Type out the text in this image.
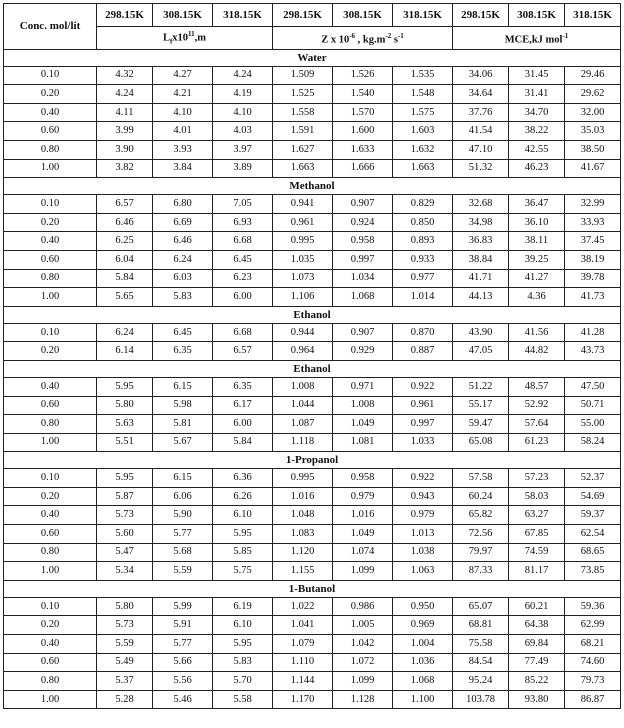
Conc. mol/lit	298.15K	308.15K	318.15K	298.15K	308.15K	318.15K	298.15K	308.15K	318.15K
	$L_fx10^{11},m$			Z x $10^{-6}$ , $kg.m^{-2}$ $s^{-1}$			MCE,kJ mol$^{-1}$
Water									
0.10	4.32	4.27	4.24	1.509	1.526	1.535	34.06	31.45	29.46
0.20	4.24	4.21	4.19	1.525	1.540	1.548	34.64	31.41	29.62
0.40	4.11	4.10	4.10	1.558	1.570	1.575	37.76	34.70	32.00
0.60	3.99	4.01	4.03	1.591	1.600	1.603	41.54	38.22	35.03
0.80	3.90	3.93	3.97	1.627	1.633	1.632	47.10	42.55	38.50
1.00	3.82	3.84	3.89	1.663	1.666	1.663	51.32	46.23	41.67
Methanol									
0.10	6.57	6.80	7.05	0.941	0.907	0.829	32.68	36.47	32.99
0.20	6.46	6.69	6.93	0.961	0.924	0.850	34.98	36.10	33.93
0.40	6.25	6.46	6.68	0.995	0.958	0.893	36.83	38.11	37.45
0.60	6.04	6.24	6.45	1.035	0.997	0.933	38.84	39.25	38.19
0.80	5.84	6.03	6.23	1.073	1.034	0.977	41.71	41.27	39.78
1.00	5.65	5.83	6.00	1.106	1.068	1.014	44.13	4.36	41.73
Ethanol									
0.10	6.24	6.45	6.68	0.944	0.907	0.870	43.90	41.56	41.28
0.20	6.14	6.35	6.57	0.964	0.929	0.887	47.05	44.82	43.73
Ethanol									
0.40	5.95	6.15	6.35	1.008	0.971	0.922	51.22	48.57	47.50
0.60	5.80	5.98	6.17	1.044	1.008	0.961	55.17	52.92	50.71
0.80	5.63	5.81	6.00	1.087	1.049	0.997	59.47	57.64	55.00
1.00	5.51	5.67	5.84	1.118	1.081	1.033	65.08	61.23	58.24
1-Propanol									
0.10	5.95	6.15	6.36	0.995	0.958	0.922	57.58	57.23	52.37
0.20	5.87	6.06	6.26	1.016	0.979	0.943	60.24	58.03	54.69
0.40	5.73	5.90	6.10	1.048	1.016	0.979	65.82	63.27	59.37
0.60	5.60	5.77	5.95	1.083	1.049	1.013	72.56	67.85	62.54
0.80	5.47	5.68	5.85	1.120	1.074	1.038	79.97	74.59	68.65
1.00	5.34	5.59	5.75	1.155	1.099	1.063	87.33	81.17	73.85
1-Butanol									
0.10	5.80	5.99	6.19	1.022	0.986	0.950	65.07	60.21	59.36
0.20	5.73	5.91	6.10	1.041	1.005	0.969	68.81	64.38	62.99
0.40	5.59	5.77	5.95	1.079	1.042	1.004	75.58	69.84	68.21
0.60	5.49	5.66	5.83	1.110	1.072	1.036	84.54	77.49	74.60
0.80	5.37	5.56	5.70	1.144	1.099	1.068	95.24	85.22	79.73
1.00	5.28	5.46	5.58	1.170	1.128	1.100	103.78	93.80	86.87
